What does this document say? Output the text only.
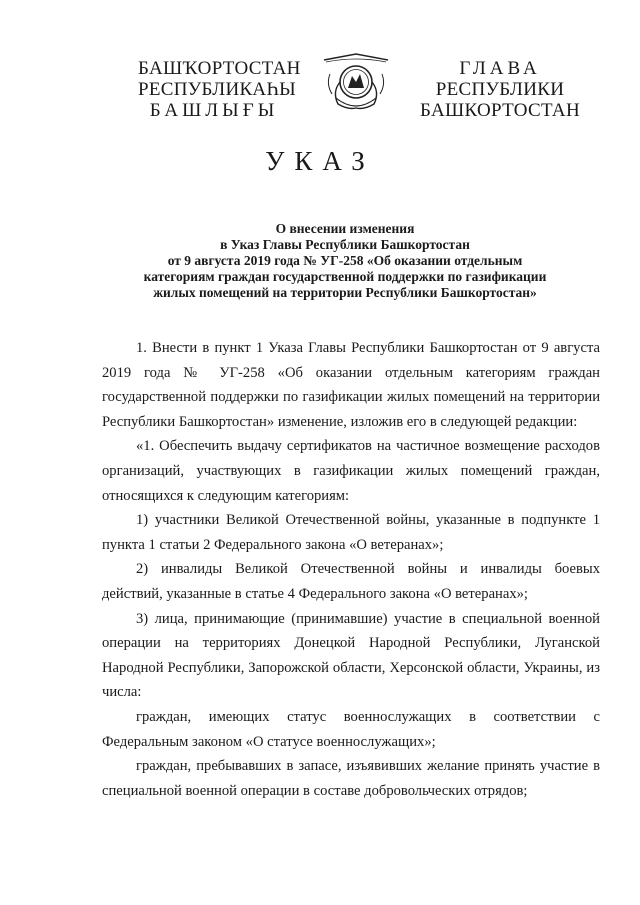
БАШҠОРТОСТАН
РЕСПУБЛИКАҺЫ
БАШЛЫҒЫ
ГЛАВА
РЕСПУБЛИКИ
БАШКОРТОСТАН
УКАЗ
О внесении изменения
в Указ Главы Республики Башкортостан
от 9 августа 2019 года № УГ-258 «Об оказании отдельным
категориям граждан государственной поддержки по газификации
жилых помещений на территории Республики Башкортостан»

1. Внести в пункт 1 Указа Главы Республики Башкортостан от 9 августа 2019 года № УГ-258 «Об оказании отдельным категориям граждан государственной поддержки по газификации жилых помещений на территории Республики Башкортостан» изменение, изложив его в следующей редакции:

«1. Обеспечить выдачу сертификатов на частичное возмещение расходов организаций, участвующих в газификации жилых помещений граждан, относящихся к следующим категориям:

1) участники Великой Отечественной войны, указанные в подпункте 1 пункта 1 статьи 2 Федерального закона «О ветеранах»;

2) инвалиды Великой Отечественной войны и инвалиды боевых действий, указанные в статье 4 Федерального закона «О ветеранах»;

3) лица, принимающие (принимавшие) участие в специальной военной операции на территориях Донецкой Народной Республики, Луганской Народной Республики, Запорожской области, Херсонской области, Украины, из числа:

граждан, имеющих статус военнослужащих в соответствии с Федеральным законом «О статусе военнослужащих»;

граждан, пребывавших в запасе, изъявивших желание принять участие в специальной военной операции в составе добровольческих отрядов;
